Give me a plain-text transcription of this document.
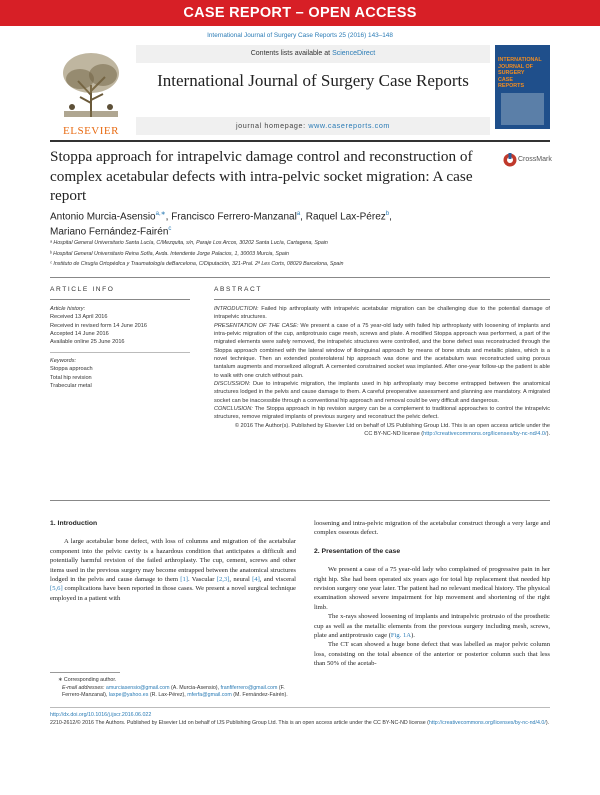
CASE REPORT – OPEN ACCESS
International Journal of Surgery Case Reports 25 (2016) 143–148
ELSEVIER
Contents lists available at ScienceDirect
International Journal of Surgery Case Reports
journal homepage: www.casereports.com
INTERNATIONAL
JOURNAL OF
SURGERY
CASE
REPORTS
Stoppa approach for intrapelvic damage control and reconstruction of complex acetabular defects with intra-pelvic socket migration: A case report
CrossMark
Antonio Murcia-Asensio$^{a,∗}$, Francisco Ferrero-Manzanal$^a$, Raquel Lax-Pérez$^b$,
Mariano Fernández-Fairén$^c$
ᵃ Hospital General Universitario Santa Lucía, C/Mezquita, s/n, Paraje Los Arcos, 30202 Santa Lucía, Cartagena, Spain
ᵇ Hospital General Universitario Reina Sofía, Avda. Intendente Jorge Palacios, 1, 30003 Murcia, Spain
ᶜ Instituto de Cirugía Ortopédica y Traumatología deBarcelona, C/Diputación, 321-Pral. 2ª Les Corts, 08029 Barcelona, Spain
ARTICLE INFO	ABSTRACT
Article history:
Received 13 April 2016
Received in revised form 14 June 2016
Accepted 14 June 2016
Available online 25 June 2016
Keywords:
Stoppa approach
Total hip revision
Trabecular metal

INTRODUCTION: Failed hip arthroplasty with intrapelvic acetabular migration can be challenging due to the potential damage of intrapelvic structures.

PRESENTATION OF THE CASE: We present a case of a 75 year-old lady with failed hip arthroplasty with loosening of implants and intra-pelvic migration of the cup, antiprotrusio cage mesh, screws and plate. A modified Stoppa approach was performed, a part of the migrated elements were safely removed, the intrapelvic structures were controlled, and the bone defect was reconstructed through the Stoppa approach combined with the lateral window of ilioinguinal approach by means of bone struts and metallic plates, which is a novel technique. Then an extended posterolateral hip approach was done and the acetabulum was reconstructed using porous tantalum augments and morselized allograft. A cemented constrained socket was implanted. After one-year follow-up the patient is able to walk with one crutch without pain.

DISCUSSION: Due to intrapelvic migration, the implants used in hip arthroplasty may become entrapped between the anatomical structures lodged in the pelvis and cause damage to them. A careful preoperative assessment and planning are mandatory. A migrated socket can be inaccessible through a conventional hip approach and removal could be very difficult and dangerous.

CONCLUSION: The Stoppa approach in hip revision surgery can be a complement to traditional approaches to control the intrapelvic structures, remove migrated implants of previous surgery and reconstruct the pelvic defect.

© 2016 The Author(s). Published by Elsevier Ltd on behalf of IJS Publishing Group Ltd. This is an open access article under the CC BY-NC-ND license (http://creativecommons.org/licenses/by-nc-nd/4.0/).

1. Introduction

A large acetabular bone defect, with loss of columns and migration of the acetabular component into the pelvic cavity is a hazardous condition that anticipates a difficult and potentially harmful revision of the failed arthroplasty. The cup, cement, screws and other items used in the previous surgery may become entrapped between the anatomical structures lodged in the pelvis and cause damage to them [1]. Vascular [2,3], neural [4], and visceral [5,6] complications have been reported in those cases. We present a novel surgical technique employed in a patient with

loosening and intra-pelvic migration of the acetabular construct through a very large and complex osseous defect.

2. Presentation of the case

We present a case of a 75 year-old lady who complained of progressive pain in her right hip. She had been operated six years ago for total hip replacement that needed hip revision surgery one year later. The patient had no relevant medical history. The physical examination showed severe impairment for hip movement and shortening of the right limb.

The x-rays showed loosening of implants and intrapelvic protrusio of the prosthetic cup as well as the metallic elements from the previous surgery including mesh, screws, plate and antiprotrusio cage (Fig. 1A).

The CT scan showed a huge bone defect that was labelled as major pelvic column loss, consisting on the total absence of the anterior or posterior column such that less than 50% of the acetab-

∗ Corresponding author.
E-mail addresses: amurciasensio@gmail.com (A. Murcia-Asensio), franfiferrero@gmail.com (F. Ferrero-Manzanal), laxpe@yahoo.es (R. Lax-Pérez), mferfa@gmail.com (M. Fernández-Fairén).
http://dx.doi.org/10.1016/j.ijscr.2016.06.022
2210-2612/© 2016 The Authors. Published by Elsevier Ltd on behalf of IJS Publishing Group Ltd. This is an open access article under the CC BY-NC-ND license (http://creativecommons.org/licenses/by-nc-nd/4.0/).
